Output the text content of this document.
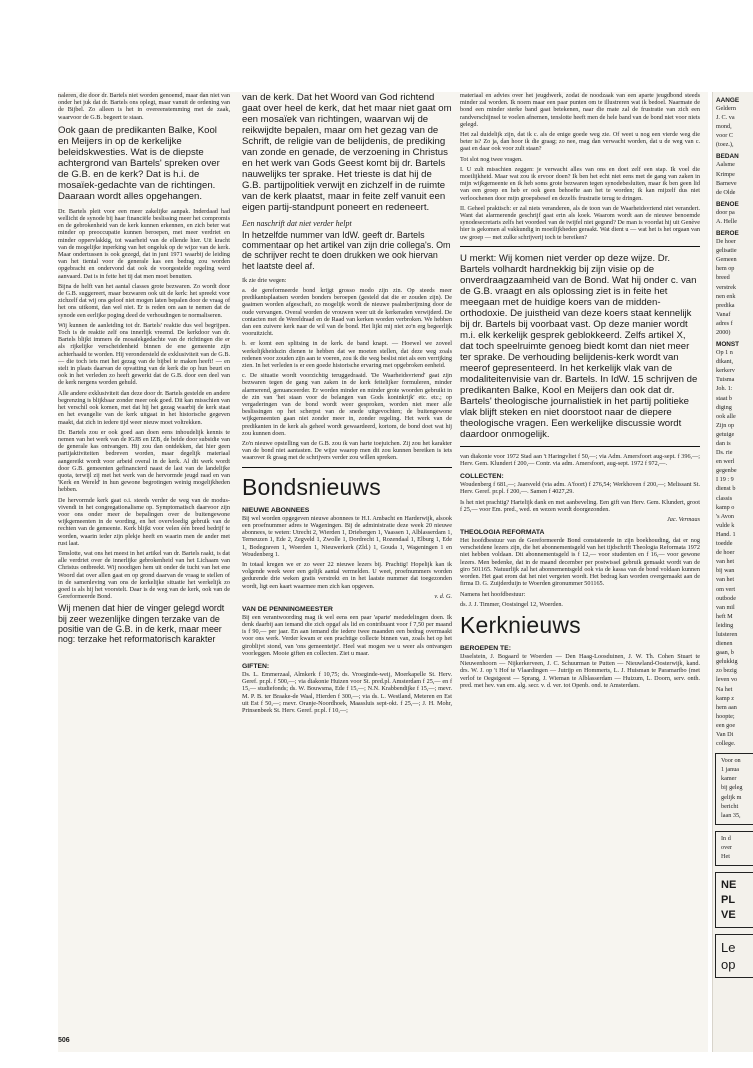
naleren, die door dr. Bartels niet worden genoemd, maar dan niet van onder het juk dat dr. Bartels ons oplegt, maar vanuit de ordening van de Bijbel. Zo alleen is het in overeenstemming met de zaak, waarvoor de G.B. begeert te staan.

Ook gaan de predikanten Balke, Kool en Meijers in op de kerkelijke beleidskwesties. Wat is de diepste achtergrond van Bartels' spreken over de G.B. en de kerk? Dat is h.i. de mosaïek-gedachte van de richtingen. Daaraan wordt alles opgehangen.

Dr. Bartels pleit voor een meer zakelijke aanpak. Inderdaad had wellicht de synode bij haar financiële beslissing meer het compromis en de gebrokenheid van de kerk kunnen erkennen, en zich beter wat minder op preoccupatie kunnen beroepen, met meer verdriet en minder oppervlakkig, tot waarheid van de ellende hier. Uit kracht van de mogelijke inperking van het ongeluk op de wijze van de kerk. Maar ondertussen is ook gezegd, dat in juni 1971 waarbij de leiding van het tiental voor de generale kas een bedrag zou worden opgebracht en ondervond dat ook de voorgestelde regeling werd aanvaard. Dat is in feite het tij dat men moet benutten.

Bijna de helft van het aantal classes grote bezwaren. Zo wordt door de G.B. suggereert, maar bezwaren ook uit de kerk: het spreekt voor zichzelf dat wij ons geloof niet mogen laten bepalen door de vraag of het ons uitkomt, dan wel niet. Er is reden om aan te nemen dat de synode een eerlijke poging deed de verhoudingen te normaliseren.

Wij kunnen de aanleiding tot dr. Bartels' reaktie dus wel begrijpen. Toch is de reaktie zelf ons innerlijk vreemd. De kerkdoor van dr. Bartels blijkt immers de mosaïekgedachte van de richtingen die er als rijkelijke verscheidenheid binnen de ene gemeente zijn achterhaald te worden. Hij verondersteld de exklusiviteit van de G.B. — die toch iets met het gezag van de bijbel te maken heeft! — en stelt in plaats daarvan de opvatting van de kerk die op hun beurt en ook in het verleden zo heeft gewerkt dat de G.B. door een deel van de kerk nergens worden gehuld.

Alle andere exklusiviteit dan deze door dr. Bartels gestelde en andere begrenzing is blijkbaar zonder meer ook goed. Dit kan misschien van het verschil ook komen, met dat hij het gezag waarbij de kerk staat en het evangelie van de kerk uitgaat in het historische gegeven maakt, dat zich in iedere tijd weer nieuw moet voltrekken.

Dr. Bartels zou er ook goed aan doen eens inhoudelijk kennis te nemen van het werk van de IGJB en IZB, de beide door subsidie van de generale kas ontvangen. Hij zou dan ontdekken, dat hier geen partijaktiviteiten bedreven worden, maar degelijk materiaal aangereikt wordt voor arbeid overal in de kerk. Al dit werk wordt door G.B. gemeenten gefinancierd naast de last van de landelijke quota, terwijl zij met het werk van de hervormde jeugd raad en van 'Kerk en Wereld' in hun gewone begrotingen weinig mogelijkheden hebben.

De hervormde kerk gaat o.i. steeds verder de weg van de modus-vivendi in het congregationalisme op. Symptomatisch daarvoor zijn voor ons onder meer de bepalingen over de buitengewone wijkgemeenten in de wording, en het overvloedig gebruik van de rechten van de gemeente. Kerk blijkt voor velen één breed bedrijf te worden, waarin ieder zijn plekje heeft en waarin men de ander met rust laat.

Tenslotte, wat ons het meest in het artikel van dr. Bartels raakt, is dat alle verdriet over de innerlijke gebrokenheid van het Lichaam van Christus ontbreekt. Wij noodigen hem uit onder de tucht van het ene Woord dat over allen gaat en op grond daarvan de vraag te stellen of in de samenleving van ons de kerkelijke situatie het werkelijk zo goed is als hij het voorstelt. Daar is de weg van de kerk, ook van de Gereformeerde Bond.

Wij menen dat hier de vinger gelegd wordt bij zeer wezenlijke dingen terzake van de positie van de G.B. in de kerk, maar meer nog: terzake het reformatorisch karakter

506

van de kerk. Dat het Woord van God richtend gaat over heel de kerk, dat het maar niet gaat om een mosaïek van richtingen, waarvan wij de reikwijdte bepalen, maar om het gezag van de Schrift, de religie van de belijdenis, de prediking van zonde en genade, de verzoening in Christus en het werk van Gods Geest komt bij dr. Bartels nauwelijks ter sprake. Het trieste is dat hij de G.B. partijpolitiek verwijt en zichzelf in de ruimte van de kerk plaatst, maar in feite zelf vanuit een eigen partij-standpunt poneert en redeneert.

Een naschrift dat niet verder helpt

In hetzelfde nummer van IdW. geeft dr. Bartels commentaar op het artikel van zijn drie collega's. Om de schrijver recht te doen drukken we ook hiervan het laatste deel af.

Ik zie drie wegen:

a. de gereformeerde bond krijgt grosso modo zijn zin. Op steeds meer predikantsplaatsen worden bonders beroepen (gesteld dat die er zouden zijn). De gaaimen worden afgeschaft, zo mogelijk wordt de nieuwe psalmberijming door de oude vervangen. Overal worden de vrouwen weer uit de kerkeraden verwijderd. De contacten met de Wereldraad en de Raad van kerken worden verbroken. We hebben dan een zuivere kerk naar de wil van de bond. Het lijkt mij niet zo'n erg begeerlijk vooruitzicht.

b. er komt een splitsing in de kerk. de band knapt. — Hoewel we zoveel werkelijkheidszin dienen te hebben dat we moeten stellen, dat deze weg zoals redenen voor zouden zijn aan te voeren, zou ik die weg beslist niet als een verrijking zien. In het verleden is er een goede historische ervaring met opgebroken eenheid.

c. De situatie wordt voorzichtig teruggedraaid. 'De Waarheidsvriend' gaat zijn bezwaren tegen de gang van zaken in de kerk feitelijker formuleren, minder alarmerend, genuanceerder. Er worden minder en minder grote woorden gebruikt in de zin van 'het staan voor de belangen van Gods koninkrijk' etc. etc.; op vergaderingen van de bond wordt weer gesproken, worden niet meer alle beslissingen op het scherpst van de snede uitgevochten; de buitengewone wijkgemeenten gaan niet zonder meer in, zonder regeling. Het werk van de predikanten in de kerk als geheel wordt gewaardeerd, kortom, de bond doet wat hij zou kunnen doen.

Zo'n nieuwe opstelling van de G.B. zou ik van harte toejuichen. Zij zou het karakter van de bond niet aantasten. De wijze waarop men dit zou kunnen bereiken is iets waarover ik graag met de schrijvers verder zou willen spreken.

Bondsnieuws
NIEUWE ABONNEES

Bij wel worden opgegeven nieuwe abonnees te H.I. Ambacht en Harderwijk, alsook een proefnummer adres te Wageningen. Bij de administratie deze week 20 nieuwe abonnees, te weten: Utrecht 2, Wierden 1, Driebergen 1, Vaassen 1, Alblasserdam 1, Terneuzen 1, Ede 2, Zegveld 1, Zwolle 1, Dordrecht 1, Rozendaal 1, Elburg 1, Ede 1, Bodegraven 1, Woerden 1, Nieuwerkerk (Zld.) 1, Gouda 1, Wageningen 1 en Woudenberg 1.

In totaal kregen we er zo weer 22 nieuwe lezers bij. Prachtig! Hopelijk kan ik volgende week weer een gelijk aantal vermelden. U weet, proefnummers worden gedurende drie weken gratis verstrekt en in het laatste nummer dat toegezonden wordt, ligt een kaart waarmee men zich kan opgeven.

v. d. G.

VAN DE PENNINGMEESTER

Bij een verantwoording mag ik wel eens een paar 'aparte' mededelingen doen. Ik denk daarbij aan iemand die zich opgaf als lid en contribuant voor f 7,50 per maand is f 90,— per jaar. En aan iemand die iedere twee maanden een bedrag overmaakt voor ons werk. Verder kwam er een prachtige collecte binnen van, zoals het op het giroblijvt stond, van 'ons gemeentetje'. Heel wat mogen we u weer als ontvangen voorleggen. Mooie giften en collecten. Ziet u maar.

GIFTEN:

Ds. L. Emmerzaal, Almkerk f 10,75; ds. Vroeginde-weij, Moerkapelle St. Herv. Geref. pr.pl. f 500,—; via diakonie Huizen voor St. pred.pl. Amsterdam f 25,— en f 15,— studiefonds; ds. W. Bouwsma, Ede f 15,—; N.N. Krabbendijke f 15,—; mevr. M. P. B. ter Braake-de Waal, Hierden f 300,—; via ds. L. Westland, Meteren en Est uit Est f 50,—; mevr. Oranje-Noordhoek, Maassluis sept-okt. f 25,—; J. H. Mohr, Prinsenbeek St. Herv. Geref. pr.pl. f 10,—;

materiaal en advies over het jeugdwerk, zodat de noodzaak van een aparte jeugdbond steeds minder zal worden. Ik noem maar een paar punten om te illustreren wat ik bedoel. Naarmate de bond een minder sterke band gaat betekenen, naar die mate zal de frustratie van zich een randverschijnsel te voelen afnemen, tenslotte heeft men de hele band van de bond niet voor niets gelegd.

Het zal duidelijk zijn, dat ik c. als de enige goede weg zie. Of weet u nog een vierde weg die beter is? Zo ja, dan hoor ik die graag; zo nee, mag dan verwacht worden, dat u de weg van c. gaat en daar ook voor zult staan?

Tot slot nog twee vragen.

I. U zult misschien zeggen: je verwacht alles van ons en doet zelf een stap. Ik voel die moeilijkheid. Maar wat zou ik ervoor doen? Ik ben het echt niet eens met de gang van zaken in mijn wijkgemeente en ik heb soms grote bezwaren tegen synodebesluiten, maar ik ben geen lid van een groep en heb er ook geen behoefte aan het te worden; ik kan mijzelf dus niet verloochenen door mijn groepsbesef en dezelfs frustratie terug te dringen.

II. Geheel praktisch: er zal niets veranderen, als de toon van de Waarheidsvriend niet verandert. Want dat alarmerende geschrijf gaat erin als koek. Waarom wordt aan de nieuwe benoemde synodesecretaris zelfs het voordeel van de twijfel niet gegund? De man is voordat hij uit Genève hier is gekomen al vakkundig in moeilijkheden geraakt. Wat dient u — wat het is het orgaan van uw groep — met zulke schrijverij toch te bereiken?

U merkt: Wij komen niet verder op deze wijze. Dr. Bartels volhardt hardnekkig bij zijn visie op de onverdraagzaamheid van de Bond. Wat hij onder c. van de G.B. vraagt en als oplossing ziet is in feite het meegaan met de huidige koers van de midden-orthodoxie. De juistheid van deze koers staat kennelijk bij dr. Bartels bij voorbaat vast. Op deze manier wordt m.i. elk kerkelijk gesprek geblokkeerd. Zelfs artikel X, dat toch speelruimte genoeg biedt komt dan niet meer ter sprake. De verhouding belijdenis-kerk wordt van meerof gepresenteerd. In het kerkelijk vlak van de modaliteitenvisie van dr. Bartels. In IdW. 15 schrijven de predikanten Balke, Kool en Meijers dan ook dat dr. Bartels' theologische journalistiek in het partij politieke vlak blijft steken en niet doorstoot naar de diepere theologische vragen. Een werkelijke discussie wordt daardoor onmogelijk.

van diakonie voor 1972 Stad aan 't Haringvliet f 50,—; via Adm. Amersfoort aug-sept. f 396,—; Herv. Gem. Klundert f 200,— Contr. via adm. Amersfoort, aug-sept. 1972 f 972,—.

COLLECTEN:

Woudenberg f 681,—; Jaarsveld (via adm. A'foort) f 276,54; Werkhoven f 200,—; Melissant St. Herv. Geref. pr.pl. f 200,—. Samen f 4027,29.

Is het niet prachtig? Hartelijk dank en met aanbeveling. Een gift van Herv. Gem. Klundert, groot f 25,— voor Em. pred., wed. en wezen wordt doorgezonden.

Jac. Vermaas

THEOLOGIA REFORMATA

Het hoofdbestuur van de Gereformeerde Bond constateerde in zijn boekhouding, dat er nog verscheidene lezers zijn, die het abonnementsgeld van het tijdschrift Theologia Reformata 1972 niet hebben voldaan. Dit abonnementsgeld is f 12,— voor studenten en f 16,— voor gewone lezers. Men bedenke, dat in de maand december per postwissel gebruik gemaakt wordt van de giro 501165. Natuurlijk zal het abonnementsgeld ook via de kassa van de bond voldaan kunnen worden. Het gaat erom dat het niet vergeten wordt. Het bedrag kan worden overgemaakt aan de firma D. G. Zuijderduijn te Woerden gironummer 501165.

Namens het hoofdbestuur:

ds. J. J. Timmer, Oostsingel 12, Woerden.

Kerknieuws
BEROEPEN TE:

IJsselstein, J. Bogaard te Woerden — Den Haag-Loosduinen, J. W. Th. Cohen Stuart te Nieuwenhoorn — Nijkerkerveen, J. C. Schuurman te Putten — Nieuwland-Oosterwijk, kand. drs. W. J. op 't Hof te Vlaardingen — Jutrijp en Hommerts, L. J. Huisman te Paramaribo (met verlof te Oegstgeest — Sprang, J. Wieman te Alblasserdam — Huizum, L. Doorn, serv. onth. pred. met hev. van em. alg. secr. v. d. ver. tot Openb. ond. te Amsterdam.

AANGE
Geldern
J. C. va
mond,
voor C
(toez.),
BEDAN
Aalsme
Krimpe
Barneve
de Olde
BENOE
door pa
A. Helle
BEROE
De hoer
gelisatie
Gemeen
hem op
breed
verstrek
nen enk
predika
Vanaf
adres f
2000)
MONST
Op 1 n
dikant,
kerkerv
Tuisma
Joh. 1:
staat b
diging
ook alle
Zijn op
getuige
dan is
Ds. rie
en werl
gegenbe
I 19 : 9
dienst b
classis
kamp o
's Avon
vulde k
Hand. 1
toedde
de hoer
van het
bij wan
van het
om vert
outbode
van mil
heft M
leiding
luisteren
dienen
gaan, b
gelukkig
zo bezig
leven vo
Na het
kamp z
hem aan
hoopte;
een goe
Van Di
college.
Voor on
1 janua
kamer
bij geleg
gelijk m
bericht
laan 35,
In d
over
Het
NE
PL
VE
Le
op
